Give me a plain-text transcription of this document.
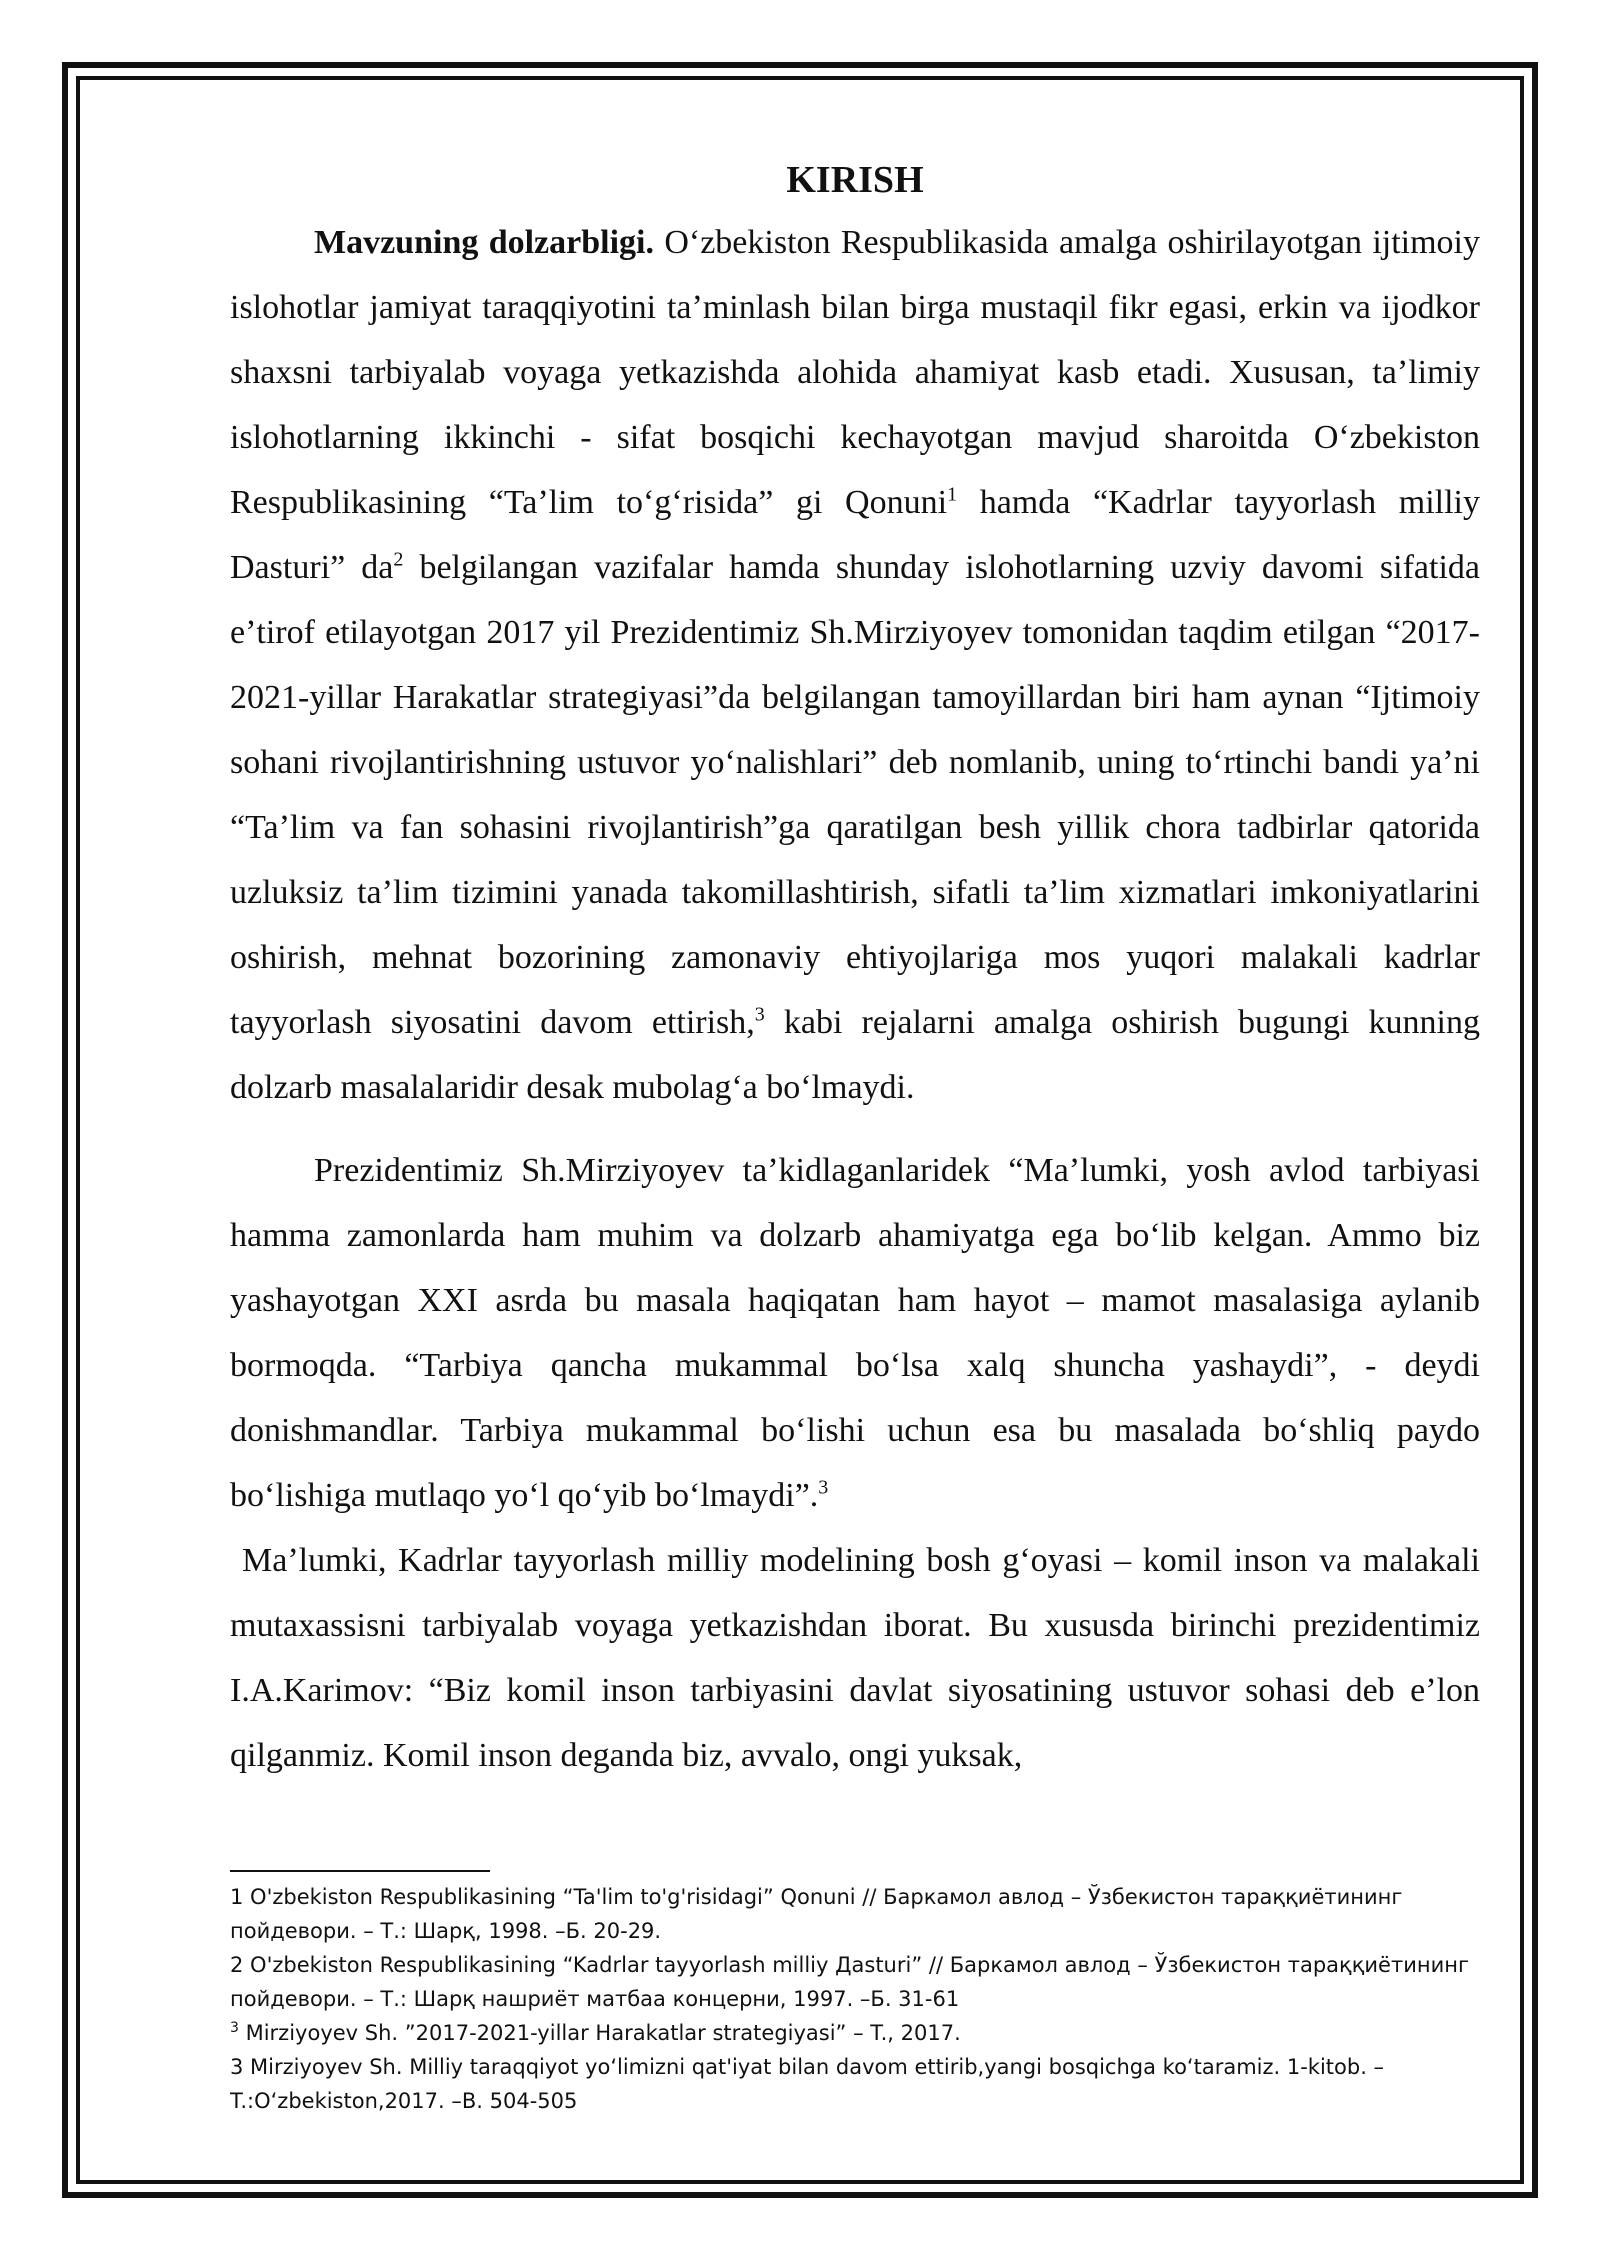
KIRISH

Mavzuning dolzarbligi. Oʻzbekiston Respublikasida amalga oshirilayotgan ijtimoiy islohotlar jamiyat taraqqiyotini taʼminlash bilan birga mustaqil fikr egasi, erkin va ijodkor shaxsni tarbiyalab voyaga yetkazishda alohida ahamiyat kasb etadi. Xususan, taʼlimiy islohotlarning ikkinchi - sifat bosqichi kechayotgan mavjud sharoitda Oʻzbekiston Respublikasining “Taʼlim toʻgʻrisida” gi Qonuni$^1$ hamda “Kadrlar tayyorlash milliy Dasturi” $da^2$ belgilangan vazifalar hamda shunday islohotlarning uzviy davomi sifatida eʼtirof etilayotgan 2017 yil Prezidentimiz Sh.Mirziyoyev tomonidan taqdim etilgan “2017-2021-yillar Harakatlar strategiyasi”da belgilangan tamoyillardan biri ham aynan “Ijtimoiy sohani rivojlantirishning ustuvor yoʻnalishlari” deb nomlanib, uning toʻrtinchi bandi yaʼni “Taʼlim va fan sohasini rivojlantirish”ga qaratilgan besh yillik chora tadbirlar qatorida uzluksiz taʼlim tizimini yanada takomillashtirish, sifatli taʼlim xizmatlari imkoniyatlarini oshirish, mehnat bozorining zamonaviy ehtiyojlariga mos yuqori malakali kadrlar tayyorlash siyosatini davom ettirish,$^3$ kabi rejalarni amalga oshirish bugungi kunning dolzarb masalalaridir desak mubolagʻa boʻlmaydi.

Prezidentimiz Sh.Mirziyoyev taʼkidlaganlaridek “Maʼlumki, yosh avlod tarbiyasi hamma zamonlarda ham muhim va dolzarb ahamiyatga ega boʻlib kelgan. Ammo biz yashayotgan XXI asrda bu masala haqiqatan ham hayot – mamot masalasiga aylanib bormoqda. “Tarbiya qancha mukammal boʻlsa xalq shuncha yashaydi”, - deydi donishmandlar. Tarbiya mukammal boʻlishi uchun esa bu masalada boʻshliq paydo boʻlishiga mutlaqo yoʻl qoʻyib boʻlmaydi”.$^3$

Maʼlumki, Kadrlar tayyorlash milliy modelining bosh gʻoyasi – komil inson va malakali mutaxassisni tarbiyalab voyaga yetkazishdan iborat. Bu xususda birinchi prezidentimiz I.A.Karimov: “Biz komil inson tarbiyasini davlat siyosatining ustuvor sohasi deb eʼlon qilganmiz. Komil inson deganda biz, avvalo, ongi yuksak,

1 O'zbekiston Respublikasining “Ta'lim to'g'risidagi” Qonuni // Баркамол авлод – Ўзбекистон тараққиётининг пойдевори. – Т.: Шарқ, 1998. –Б. 20-29.

2 O'zbekiston Respublikasining “Kadrlar tayyorlash milliy Дasturi” // Баркамол авлод – Ўзбекистон тараққиётининг пойдевори. – Т.: Шарқ нашриёт матбаа концерни, 1997. –Б. 31-61

$^3$ Mirziyoyev Sh. ”2017-2021-yillar Harakatlar strategiyasi” – T., 2017.

3 Mirziyoyev Sh. Milliy taraqqiyot yoʻlimizni qat'iyat bilan davom ettirib,yangi bosqichga koʻtaramiz. 1-kitob. – T.:Oʻzbekiston,2017. –B. 504-505
